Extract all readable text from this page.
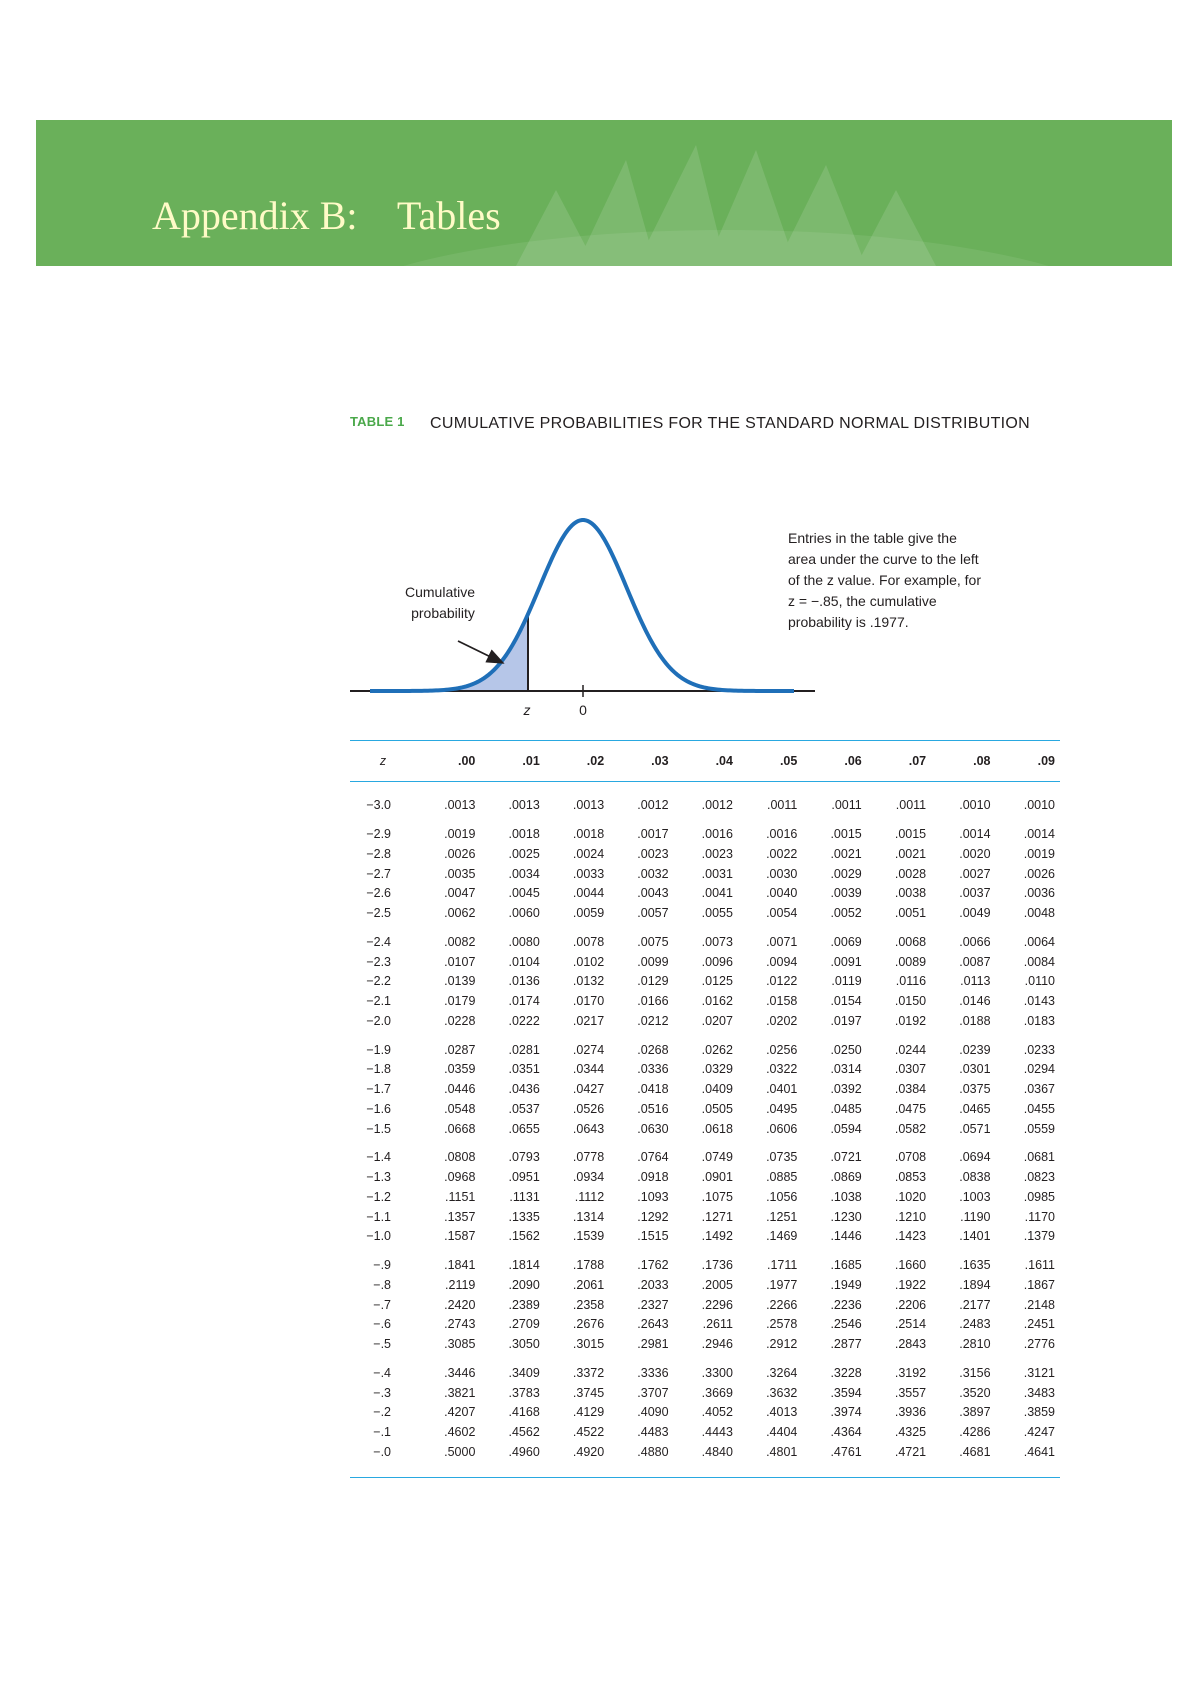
Appendix B:    Tables
TABLE 1 CUMULATIVE PROBABILITIES FOR THE STANDARD NORMAL DISTRIBUTION
Cumulative
probability
z	0
Entries in the table give the area under the curve to the left of the z value. For example, for z = −.85, the cumulative probability is .1977.
z	.00	.01	.02	.03	.04	.05	.06	.07	.08	.09
−3.0	.0013	.0013	.0013	.0012	.0012	.0011	.0011	.0011	.0010	.0010
−2.9	.0019	.0018	.0018	.0017	.0016	.0016	.0015	.0015	.0014	.0014
−2.8	.0026	.0025	.0024	.0023	.0023	.0022	.0021	.0021	.0020	.0019
−2.7	.0035	.0034	.0033	.0032	.0031	.0030	.0029	.0028	.0027	.0026
−2.6	.0047	.0045	.0044	.0043	.0041	.0040	.0039	.0038	.0037	.0036
−2.5	.0062	.0060	.0059	.0057	.0055	.0054	.0052	.0051	.0049	.0048
−2.4	.0082	.0080	.0078	.0075	.0073	.0071	.0069	.0068	.0066	.0064
−2.3	.0107	.0104	.0102	.0099	.0096	.0094	.0091	.0089	.0087	.0084
−2.2	.0139	.0136	.0132	.0129	.0125	.0122	.0119	.0116	.0113	.0110
−2.1	.0179	.0174	.0170	.0166	.0162	.0158	.0154	.0150	.0146	.0143
−2.0	.0228	.0222	.0217	.0212	.0207	.0202	.0197	.0192	.0188	.0183
−1.9	.0287	.0281	.0274	.0268	.0262	.0256	.0250	.0244	.0239	.0233
−1.8	.0359	.0351	.0344	.0336	.0329	.0322	.0314	.0307	.0301	.0294
−1.7	.0446	.0436	.0427	.0418	.0409	.0401	.0392	.0384	.0375	.0367
−1.6	.0548	.0537	.0526	.0516	.0505	.0495	.0485	.0475	.0465	.0455
−1.5	.0668	.0655	.0643	.0630	.0618	.0606	.0594	.0582	.0571	.0559
−1.4	.0808	.0793	.0778	.0764	.0749	.0735	.0721	.0708	.0694	.0681
−1.3	.0968	.0951	.0934	.0918	.0901	.0885	.0869	.0853	.0838	.0823
−1.2	.1151	.1131	.1112	.1093	.1075	.1056	.1038	.1020	.1003	.0985
−1.1	.1357	.1335	.1314	.1292	.1271	.1251	.1230	.1210	.1190	.1170
−1.0	.1587	.1562	.1539	.1515	.1492	.1469	.1446	.1423	.1401	.1379
−.9	.1841	.1814	.1788	.1762	.1736	.1711	.1685	.1660	.1635	.1611
−.8	.2119	.2090	.2061	.2033	.2005	.1977	.1949	.1922	.1894	.1867
−.7	.2420	.2389	.2358	.2327	.2296	.2266	.2236	.2206	.2177	.2148
−.6	.2743	.2709	.2676	.2643	.2611	.2578	.2546	.2514	.2483	.2451
−.5	.3085	.3050	.3015	.2981	.2946	.2912	.2877	.2843	.2810	.2776
−.4	.3446	.3409	.3372	.3336	.3300	.3264	.3228	.3192	.3156	.3121
−.3	.3821	.3783	.3745	.3707	.3669	.3632	.3594	.3557	.3520	.3483
−.2	.4207	.4168	.4129	.4090	.4052	.4013	.3974	.3936	.3897	.3859
−.1	.4602	.4562	.4522	.4483	.4443	.4404	.4364	.4325	.4286	.4247
−.0	.5000	.4960	.4920	.4880	.4840	.4801	.4761	.4721	.4681	.4641
